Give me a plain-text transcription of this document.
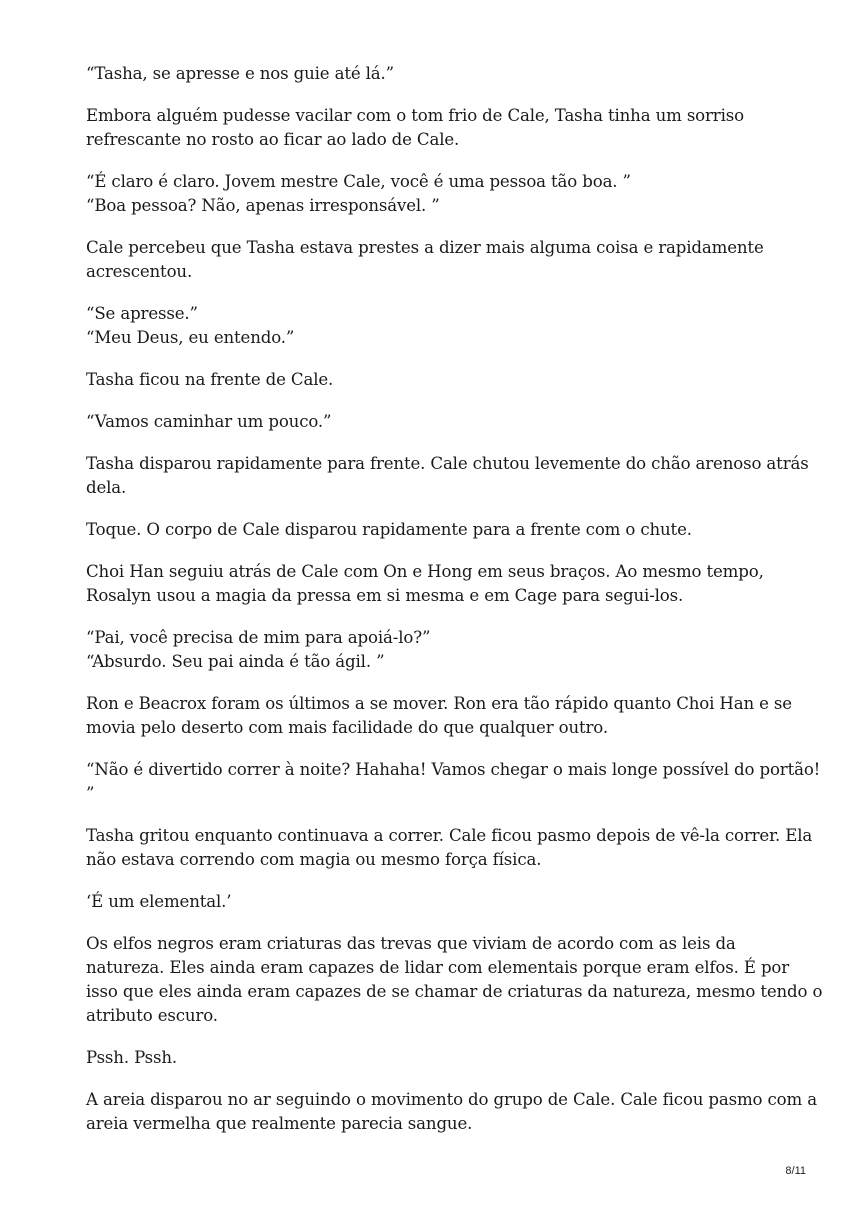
“Tasha, se apresse e nos guie até lá.”

Embora alguém pudesse vacilar com o tom frio de Cale, Tasha tinha um sorriso
refrescante no rosto ao ficar ao lado de Cale.

“É claro é claro. Jovem mestre Cale, você é uma pessoa tão boa. ”
“Boa pessoa? Não, apenas irresponsável. ”

Cale percebeu que Tasha estava prestes a dizer mais alguma coisa e rapidamente
acrescentou.

“Se apresse.”
“Meu Deus, eu entendo.”

Tasha ficou na frente de Cale.

“Vamos caminhar um pouco.”

Tasha disparou rapidamente para frente. Cale chutou levemente do chão arenoso atrás
dela.

Toque. O corpo de Cale disparou rapidamente para a frente com o chute.

Choi Han seguiu atrás de Cale com On e Hong em seus braços. Ao mesmo tempo,
Rosalyn usou a magia da pressa em si mesma e em Cage para segui-los.

“Pai, você precisa de mim para apoiá-lo?”
“Absurdo. Seu pai ainda é tão ágil. ”

Ron e Beacrox foram os últimos a se mover. Ron era tão rápido quanto Choi Han e se
movia pelo deserto com mais facilidade do que qualquer outro.

“Não é divertido correr à noite? Hahaha! Vamos chegar o mais longe possível do portão!
”

Tasha gritou enquanto continuava a correr. Cale ficou pasmo depois de vê-la correr. Ela
não estava correndo com magia ou mesmo força física.

‘É um elemental.’

Os elfos negros eram criaturas das trevas que viviam de acordo com as leis da
natureza. Eles ainda eram capazes de lidar com elementais porque eram elfos. É por
isso que eles ainda eram capazes de se chamar de criaturas da natureza, mesmo tendo o
atributo escuro.

Pssh. Pssh.

A areia disparou no ar seguindo o movimento do grupo de Cale. Cale ficou pasmo com a
areia vermelha que realmente parecia sangue.

8/11
